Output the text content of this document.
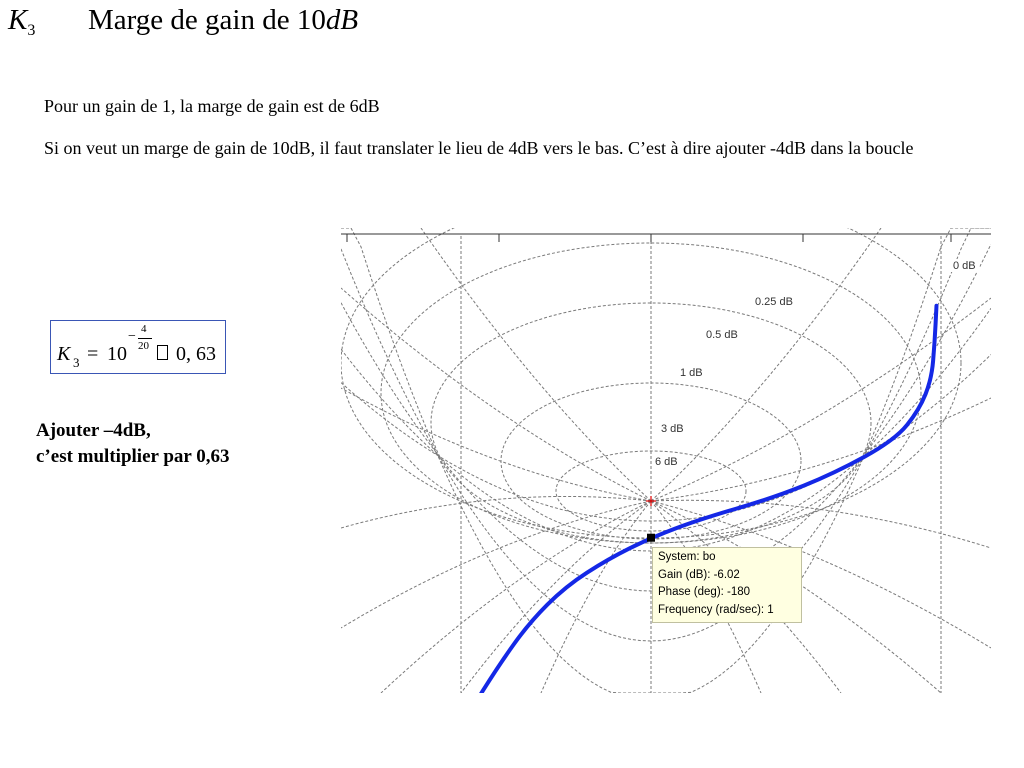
$K_3$ Marge de gain de 10dB
Pour un gain de 1, la marge de gain est de 6dB
Si on veut un marge de gain de 10dB, il faut translater le lieu de 4dB vers le bas. C’est à dire ajouter -4dB dans la boucle
K 3 = 10
− 4
20 0, 63
Ajouter –4dB,
c’est multiplier par 0,63
0 dB
0.25 dB
0.5 dB
1 dB
3 dB
6 dB
System: bo
Gain (dB): -6.02
Phase (deg): -180
Frequency (rad/sec): 1
